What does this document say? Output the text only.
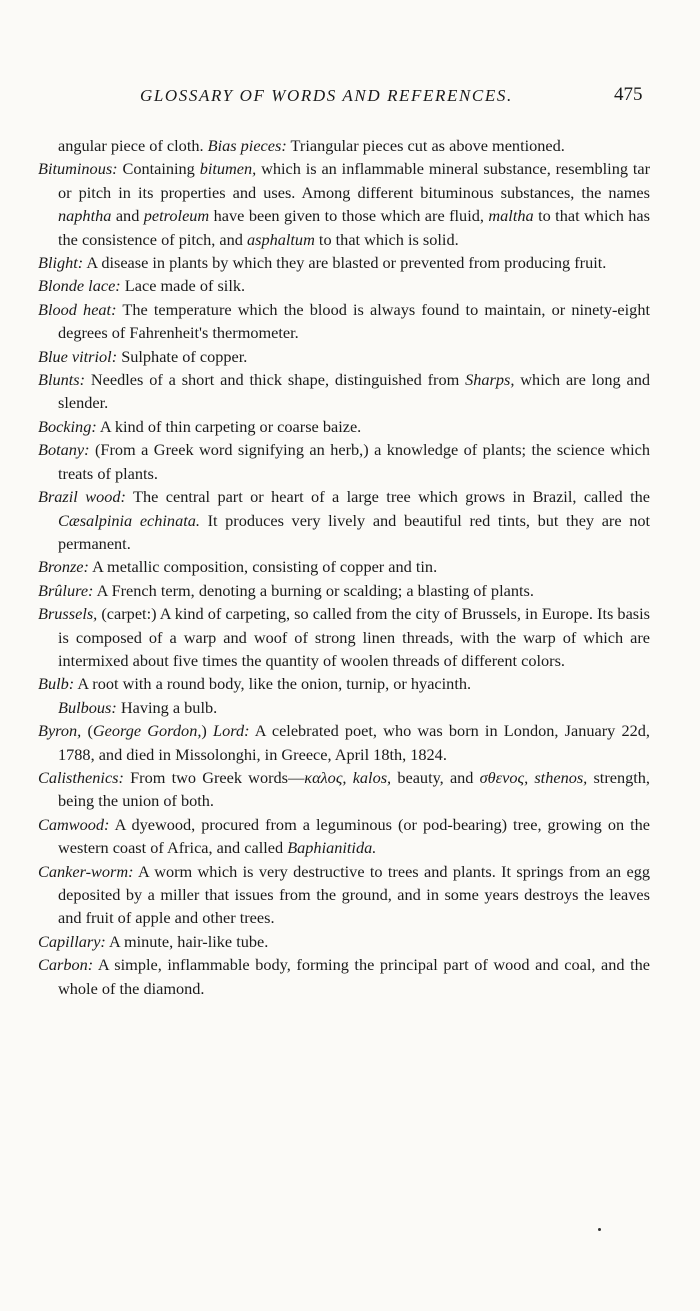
GLOSSARY OF WORDS AND REFERENCES.	475

angular piece of cloth. Bias pieces: Triangular pieces cut as above mentioned.

Bituminous: Containing bitumen, which is an inflammable mineral substance, resembling tar or pitch in its properties and uses. Among different bituminous substances, the names naphtha and petroleum have been given to those which are fluid, maltha to that which has the consistence of pitch, and asphaltum to that which is solid.

Blight: A disease in plants by which they are blasted or prevented from producing fruit.

Blonde lace: Lace made of silk.

Blood heat: The temperature which the blood is always found to maintain, or ninety-eight degrees of Fahrenheit's thermometer.

Blue vitriol: Sulphate of copper.

Blunts: Needles of a short and thick shape, distinguished from Sharps, which are long and slender.

Bocking: A kind of thin carpeting or coarse baize.

Botany: (From a Greek word signifying an herb,) a knowledge of plants; the science which treats of plants.

Brazil wood: The central part or heart of a large tree which grows in Brazil, called the Cæsalpinia echinata. It produces very lively and beautiful red tints, but they are not permanent.

Bronze: A metallic composition, consisting of copper and tin.

Brûlure: A French term, denoting a burning or scalding; a blasting of plants.

Brussels, (carpet:) A kind of carpeting, so called from the city of Brussels, in Europe. Its basis is composed of a warp and woof of strong linen threads, with the warp of which are intermixed about five times the quantity of woolen threads of different colors.

Bulb: A root with a round body, like the onion, turnip, or hyacinth.

Bulbous: Having a bulb.

Byron, (George Gordon,) Lord: A celebrated poet, who was born in London, January 22d, 1788, and died in Missolonghi, in Greece, April 18th, 1824.

Calisthenics: From two Greek words—καλος, kalos, beauty, and σθενος, sthenos, strength, being the union of both.

Camwood: A dyewood, procured from a leguminous (or pod-bearing) tree, growing on the western coast of Africa, and called Baphianitida.

Canker-worm: A worm which is very destructive to trees and plants. It springs from an egg deposited by a miller that issues from the ground, and in some years destroys the leaves and fruit of apple and other trees.

Capillary: A minute, hair-like tube.

Carbon: A simple, inflammable body, forming the principal part of wood and coal, and the whole of the diamond.
